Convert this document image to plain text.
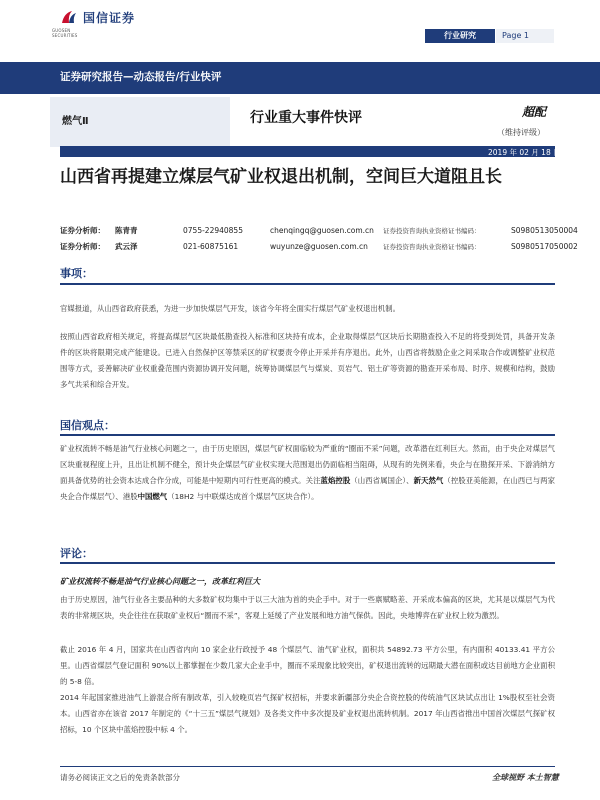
GUOSEN SECURITIES
国信证券
行业研究	Page 1
证券研究报告—动态报告/行业快评
燃气Ⅱ	行业重大事件快评	超配
（维持评级）
2019 年 02 月 18 日
山西省再提建立煤层气矿业权退出机制，空间巨大道阻且长
证券分析师： 陈青青	0755-22940855	chenqingq@guosen.com.cn 证券投资咨询执业资格证书编码：	S0980513050004
证券分析师： 武云泽	021-60875161	wuyunze@guosen.com.cn 证券投资咨询执业资格证书编码：	S0980517050002
事项：
官媒报道，从山西省政府获悉，为进一步加快煤层气开发，该省今年将全面实行煤层气矿业权退出机制。
按照山西省政府相关规定，将提高煤层气区块最低勘查投入标准和区块持有成本，企业取得煤层气区块后长期勘查投入不足的将受到处罚，具备开发条件的区块将限期完成产能建设。已进入自然保护区等禁采区的矿权要责令停止开采并有序退出。此外，山西省将鼓励企业之间采取合作或调整矿业权范围等方式，妥善解决矿业权重叠范围内资源协调开发问题，统筹协调煤层气与煤炭、页岩气、铝土矿等资源的勘查开采布局、时序、规模和结构，鼓励多气共采和综合开发。
国信观点：
矿业权流转不畅是油气行业核心问题之一，由于历史原因，煤层气矿权面临较为严重的“圈而不采”问题，改革潜在红利巨大。然而，由于央企对煤层气区块重视程度上升，且出让机制不健全，预计央企煤层气矿业权实现大范围退出仍面临相当阻碍，从现有的先例来看，央企与在勘探开采、下游消纳方面具备优势的社会资本达成合作分成，可能是中短期内可行性更高的模式。关注蓝焰控股（山西省属国企）、新天然气（控股亚美能源，在山西已与两家央企合作煤层气）、港股中国燃气（18H2 与中联煤达成首个煤层气区块合作）。
评论：
矿业权流转不畅是油气行业核心问题之一，改革红利巨大
由于历史原因，油气行业各主要品种的大多数矿权均集中于以三大油为首的央企手中。对于一些禀赋略差、开采成本偏高的区块，尤其是以煤层气为代表的非常规区块，央企往往在获取矿业权后“圈而不采”，客观上延缓了产业发展和地方油气保供。因此，央地博弈在矿业权上较为激烈。
截止 2016 年 4 月，国家共在山西省内向 10 家企业行政授予 48 个煤层气、油气矿业权，面积共 54892.73 平方公里，有内面积 40133.41 平方公里。山西省煤层气登记面积 90%以上都掌握在少数几家大企业手中，圈而不采现象比较突出，矿权退出流转的远期最大潜在面积或达目前地方企业面积的 5-8 倍。
2014 年起国家推进油气上游混合所有制改革，引入较晚页岩气探矿权招标，并要求新疆部分央企合资控股的传统油气区块试点出让 1%股权至社会资本。山西省亦在该省 2017 年制定的《“十三五”煤层气规划》及各类文件中多次提及矿业权退出流转机制。2017 年山西省推出中国首次煤层气探矿权招标，10 个区块中蓝焰控股中标 4 个。
请务必阅读正文之后的免责条款部分	全球视野 本土智慧
